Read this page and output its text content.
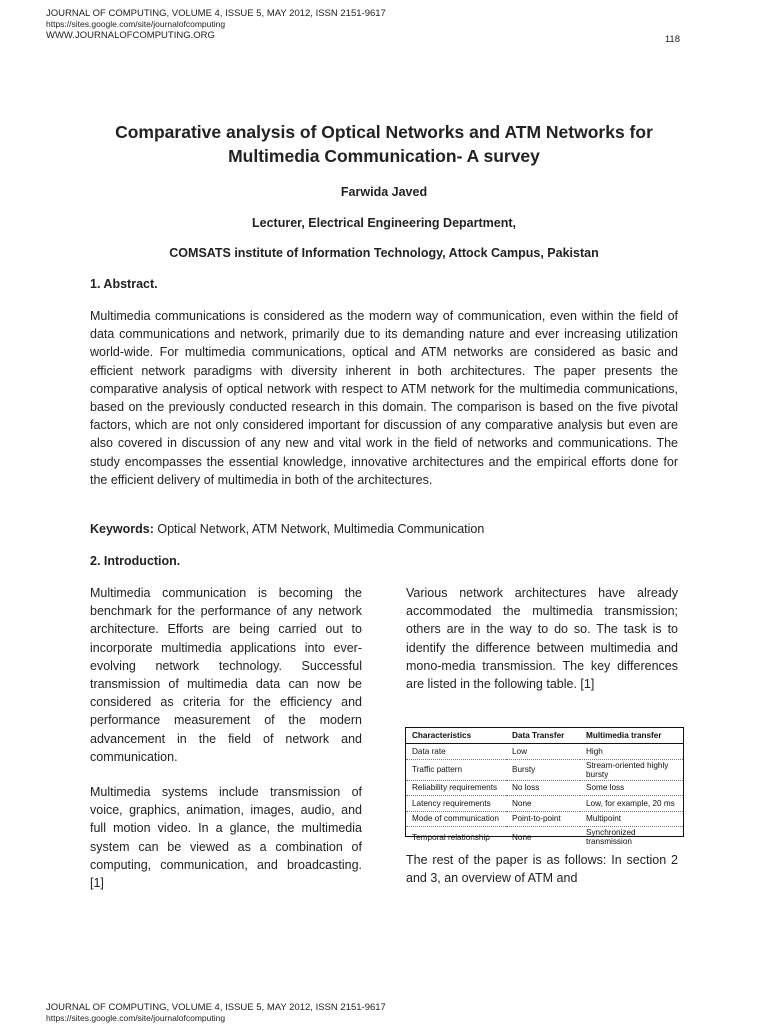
JOURNAL OF COMPUTING, VOLUME 4, ISSUE 5, MAY 2012, ISSN 2151-9617
https://sites.google.com/site/journalofcomputing
WWW.JOURNALOFCOMPUTING.ORG	118
Comparative analysis of Optical Networks and ATM Networks for
Multimedia Communication- A survey
Farwida Javed
Lecturer, Electrical Engineering Department,
COMSATS institute of Information Technology, Attock Campus, Pakistan
1. Abstract.
Multimedia communications is considered as the modern way of communication, even within the field of data communications and network, primarily due to its demanding nature and ever increasing utilization world-wide. For multimedia communications, optical and ATM networks are considered as basic and efficient network paradigms with diversity inherent in both architectures. The paper presents the comparative analysis of optical network with respect to ATM network for the multimedia communications, based on the previously conducted research in this domain. The comparison is based on the five pivotal factors, which are not only considered important for discussion of any comparative analysis but even are also covered in discussion of any new and vital work in the field of networks and communications. The study encompasses the essential knowledge, innovative architectures and the empirical efforts done for the efficient delivery of multimedia in both of the architectures.
Keywords: Optical Network, ATM Network, Multimedia Communication
2. Introduction.

Multimedia communication is becoming the benchmark for the performance of any network architecture. Efforts are being carried out to incorporate multimedia applications into ever-evolving network technology. Successful transmission of multimedia data can now be considered as criteria for the efficiency and performance measurement of the modern advancement in the field of network and communication.

Multimedia systems include transmission of voice, graphics, animation, images, audio, and full motion video. In a glance, the multimedia system can be viewed as a combination of computing, communication, and broadcasting. [1]

Various network architectures have already accommodated the multimedia transmission; others are in the way to do so. The task is to identify the difference between multimedia and mono-media transmission. The key differences are listed in the following table. [1]

Characteristics	Data Transfer	Multimedia transfer
Data rate	Low	High
Traffic pattern	Bursty	Stream-oriented highly bursty
Reliability requirements	No loss	Some loss
Latency requirements	None	Low, for example, 20 ms
Mode of communication	Point-to-point	Multipoint
Temporal relationship	None	Synchronized transmission

The rest of the paper is as follows: In section 2 and 3, an overview of ATM and

JOURNAL OF COMPUTING, VOLUME 4, ISSUE 5, MAY 2012, ISSN 2151-9617
https://sites.google.com/site/journalofcomputing
